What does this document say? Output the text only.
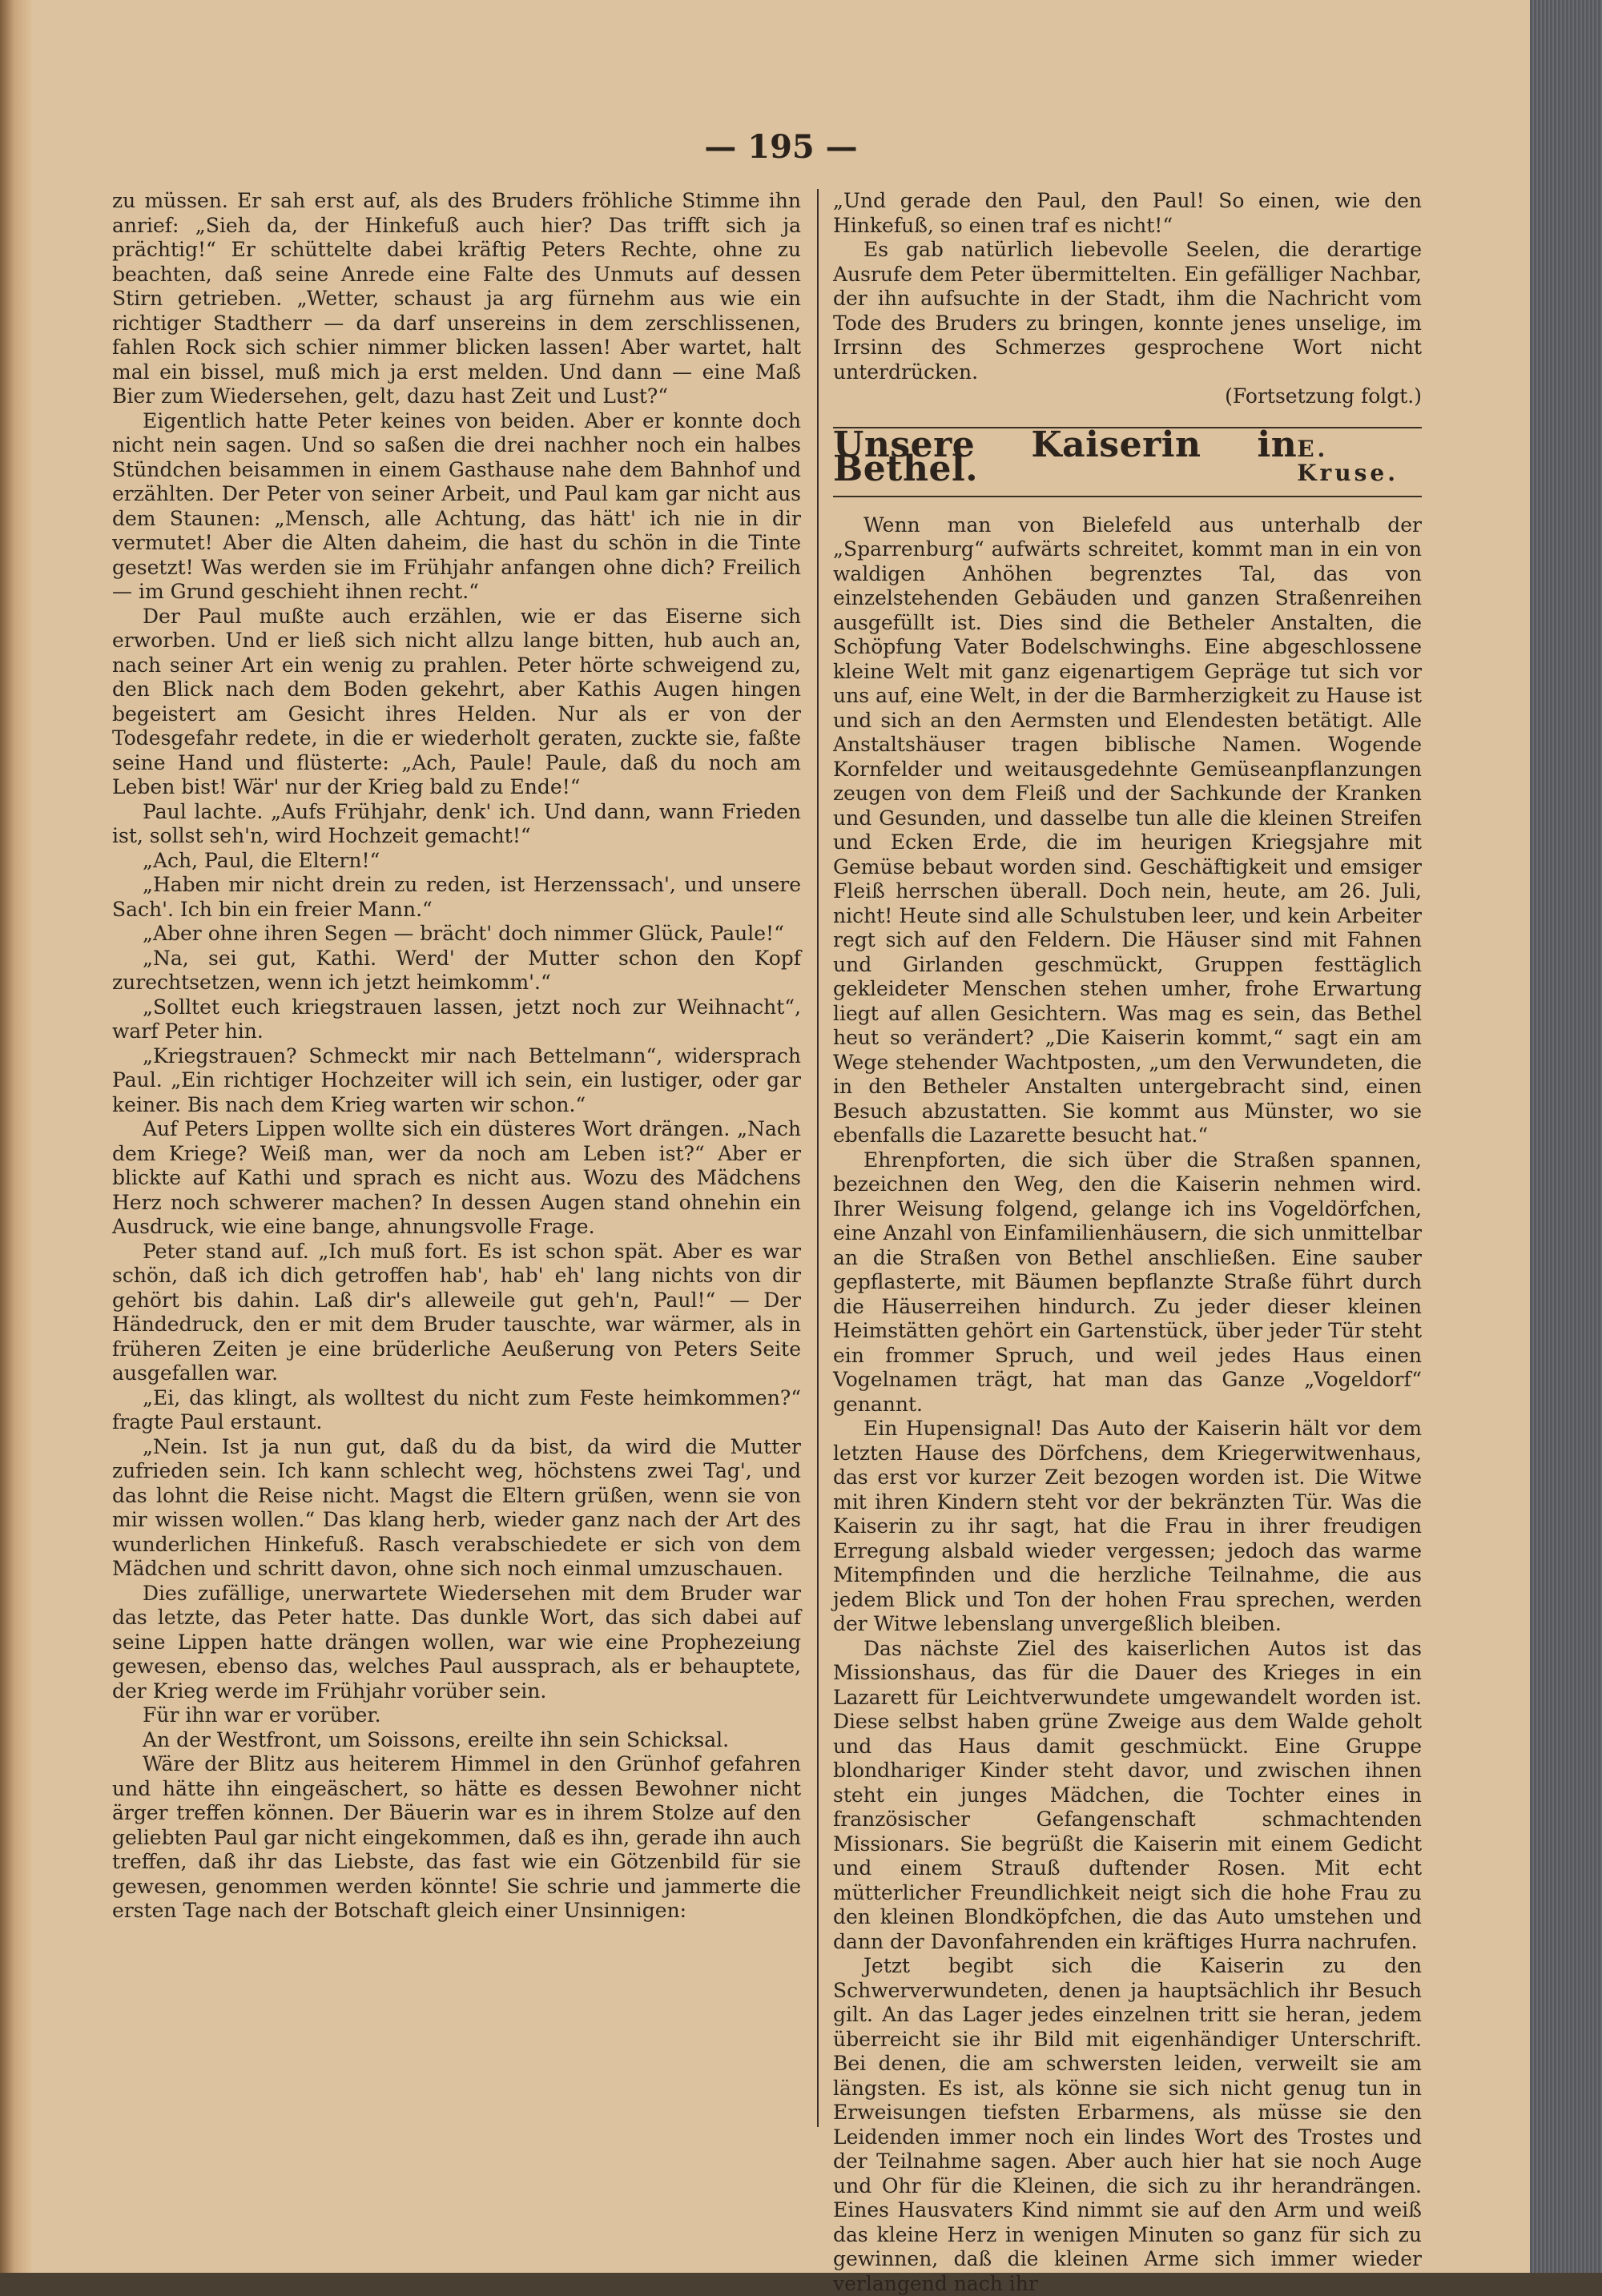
— 195 —

zu müssen. Er sah erst auf, als des Bruders fröhliche Stimme ihn anrief: „Sieh da, der Hinkefuß auch hier? Das trifft sich ja prächtig!“ Er schüttelte dabei kräftig Peters Rechte, ohne zu beachten, daß seine Anrede eine Falte des Unmuts auf dessen Stirn getrieben. „Wetter, schaust ja arg fürnehm aus wie ein richtiger Stadtherr — da darf unsereins in dem zerschlissenen, fahlen Rock sich schier nimmer blicken lassen! Aber wartet, halt mal ein bissel, muß mich ja erst melden. Und dann — eine Maß Bier zum Wiedersehen, gelt, dazu hast Zeit und Lust?“

Eigentlich hatte Peter keines von beiden. Aber er konnte doch nicht nein sagen. Und so saßen die drei nachher noch ein halbes Stündchen beisammen in einem Gasthause nahe dem Bahnhof und erzählten. Der Peter von seiner Arbeit, und Paul kam gar nicht aus dem Staunen: „Mensch, alle Achtung, das hätt' ich nie in dir vermutet! Aber die Alten daheim, die hast du schön in die Tinte gesetzt! Was werden sie im Frühjahr anfangen ohne dich? Freilich — im Grund geschieht ihnen recht.“

Der Paul mußte auch erzählen, wie er das Eiserne sich erworben. Und er ließ sich nicht allzu lange bitten, hub auch an, nach seiner Art ein wenig zu prahlen. Peter hörte schweigend zu, den Blick nach dem Boden gekehrt, aber Kathis Augen hingen begeistert am Gesicht ihres Helden. Nur als er von der Todesgefahr redete, in die er wiederholt geraten, zuckte sie, faßte seine Hand und flüsterte: „Ach, Paule! Paule, daß du noch am Leben bist! Wär' nur der Krieg bald zu Ende!“

Paul lachte. „Aufs Frühjahr, denk' ich. Und dann, wann Frieden ist, sollst seh'n, wird Hochzeit gemacht!“

„Ach, Paul, die Eltern!“

„Haben mir nicht drein zu reden, ist Herzenssach', und unsere Sach'. Ich bin ein freier Mann.“

„Aber ohne ihren Segen — brächt' doch nimmer Glück, Paule!“

„Na, sei gut, Kathi. Werd' der Mutter schon den Kopf zurechtsetzen, wenn ich jetzt heimkomm'.“

„Solltet euch kriegstrauen lassen, jetzt noch zur Weihnacht“, warf Peter hin.

„Kriegstrauen? Schmeckt mir nach Bettelmann“, widersprach Paul. „Ein richtiger Hochzeiter will ich sein, ein lustiger, oder gar keiner. Bis nach dem Krieg warten wir schon.“

Auf Peters Lippen wollte sich ein düsteres Wort drängen. „Nach dem Kriege? Weiß man, wer da noch am Leben ist?“ Aber er blickte auf Kathi und sprach es nicht aus. Wozu des Mädchens Herz noch schwerer machen? In dessen Augen stand ohnehin ein Ausdruck, wie eine bange, ahnungsvolle Frage.

Peter stand auf. „Ich muß fort. Es ist schon spät. Aber es war schön, daß ich dich getroffen hab', hab' eh' lang nichts von dir gehört bis dahin. Laß dir's alleweile gut geh'n, Paul!“ — Der Händedruck, den er mit dem Bruder tauschte, war wärmer, als in früheren Zeiten je eine brüderliche Aeußerung von Peters Seite ausgefallen war.

„Ei, das klingt, als wolltest du nicht zum Feste heimkommen?“ fragte Paul erstaunt.

„Nein. Ist ja nun gut, daß du da bist, da wird die Mutter zufrieden sein. Ich kann schlecht weg, höchstens zwei Tag', und das lohnt die Reise nicht. Magst die Eltern grüßen, wenn sie von mir wissen wollen.“ Das klang herb, wieder ganz nach der Art des wunderlichen Hinkefuß. Rasch verabschiedete er sich von dem Mädchen und schritt davon, ohne sich noch einmal umzuschauen.

Dies zufällige, unerwartete Wiedersehen mit dem Bruder war das letzte, das Peter hatte. Das dunkle Wort, das sich dabei auf seine Lippen hatte drängen wollen, war wie eine Prophezeiung gewesen, ebenso das, welches Paul aussprach, als er behauptete, der Krieg werde im Frühjahr vorüber sein.

Für ihn war er vorüber.

An der Westfront, um Soissons, ereilte ihn sein Schicksal.

Wäre der Blitz aus heiterem Himmel in den Grünhof gefahren und hätte ihn eingeäschert, so hätte es dessen Bewohner nicht ärger treffen können. Der Bäuerin war es in ihrem Stolze auf den geliebten Paul gar nicht eingekommen, daß es ihn, gerade ihn auch treffen, daß ihr das Liebste, das fast wie ein Götzenbild für sie gewesen, genommen werden könnte! Sie schrie und jammerte die ersten Tage nach der Botschaft gleich einer Unsinnigen:

„Und gerade den Paul, den Paul! So einen, wie den Hinkefuß, so einen traf es nicht!“

Es gab natürlich liebevolle Seelen, die derartige Ausrufe dem Peter übermittelten. Ein gefälliger Nachbar, der ihn aufsuchte in der Stadt, ihm die Nachricht vom Tode des Bruders zu bringen, konnte jenes unselige, im Irrsinn des Schmerzes gesprochene Wort nicht unterdrücken.

(Fortsetzung folgt.)
Unsere Kaiserin in Bethel.	E. Kruse.

Wenn man von Bielefeld aus unterhalb der „Sparrenburg“ aufwärts schreitet, kommt man in ein von waldigen Anhöhen begrenztes Tal, das von einzelstehenden Gebäuden und ganzen Straßenreihen ausgefüllt ist. Dies sind die Betheler Anstalten, die Schöpfung Vater Bodelschwinghs. Eine abgeschlossene kleine Welt mit ganz eigenartigem Gepräge tut sich vor uns auf, eine Welt, in der die Barmherzigkeit zu Hause ist und sich an den Aermsten und Elendesten betätigt. Alle Anstaltshäuser tragen biblische Namen. Wogende Kornfelder und weitausgedehnte Gemüseanpflanzungen zeugen von dem Fleiß und der Sachkunde der Kranken und Gesunden, und dasselbe tun alle die kleinen Streifen und Ecken Erde, die im heurigen Kriegsjahre mit Gemüse bebaut worden sind. Geschäftigkeit und emsiger Fleiß herrschen überall. Doch nein, heute, am 26. Juli, nicht! Heute sind alle Schulstuben leer, und kein Arbeiter regt sich auf den Feldern. Die Häuser sind mit Fahnen und Girlanden geschmückt, Gruppen festtäglich gekleideter Menschen stehen umher, frohe Erwartung liegt auf allen Gesichtern. Was mag es sein, das Bethel heut so verändert? „Die Kaiserin kommt,“ sagt ein am Wege stehender Wachtposten, „um den Verwundeten, die in den Betheler Anstalten untergebracht sind, einen Besuch abzustatten. Sie kommt aus Münster, wo sie ebenfalls die Lazarette besucht hat.“

Ehrenpforten, die sich über die Straßen spannen, bezeichnen den Weg, den die Kaiserin nehmen wird. Ihrer Weisung folgend, gelange ich ins Vogeldörfchen, eine Anzahl von Einfamilienhäusern, die sich unmittelbar an die Straßen von Bethel anschließen. Eine sauber gepflasterte, mit Bäumen bepflanzte Straße führt durch die Häuserreihen hindurch. Zu jeder dieser kleinen Heimstätten gehört ein Gartenstück, über jeder Tür steht ein frommer Spruch, und weil jedes Haus einen Vogelnamen trägt, hat man das Ganze „Vogeldorf“ genannt.

Ein Hupensignal! Das Auto der Kaiserin hält vor dem letzten Hause des Dörfchens, dem Kriegerwitwenhaus, das erst vor kurzer Zeit bezogen worden ist. Die Witwe mit ihren Kindern steht vor der bekränzten Tür. Was die Kaiserin zu ihr sagt, hat die Frau in ihrer freudigen Erregung alsbald wieder vergessen; jedoch das warme Mitempfinden und die herzliche Teilnahme, die aus jedem Blick und Ton der hohen Frau sprechen, werden der Witwe lebenslang unvergeßlich bleiben.

Das nächste Ziel des kaiserlichen Autos ist das Missionshaus, das für die Dauer des Krieges in ein Lazarett für Leichtverwundete umgewandelt worden ist. Diese selbst haben grüne Zweige aus dem Walde geholt und das Haus damit geschmückt. Eine Gruppe blondhariger Kinder steht davor, und zwischen ihnen steht ein junges Mädchen, die Tochter eines in französischer Gefangenschaft schmachtenden Missionars. Sie begrüßt die Kaiserin mit einem Gedicht und einem Strauß duftender Rosen. Mit echt mütterlicher Freundlichkeit neigt sich die hohe Frau zu den kleinen Blondköpfchen, die das Auto umstehen und dann der Davonfahrenden ein kräftiges Hurra nachrufen.

Jetzt begibt sich die Kaiserin zu den Schwerverwundeten, denen ja hauptsächlich ihr Besuch gilt. An das Lager jedes einzelnen tritt sie heran, jedem überreicht sie ihr Bild mit eigenhändiger Unterschrift. Bei denen, die am schwersten leiden, verweilt sie am längsten. Es ist, als könne sie sich nicht genug tun in Erweisungen tiefsten Erbarmens, als müsse sie den Leidenden immer noch ein lindes Wort des Trostes und der Teilnahme sagen. Aber auch hier hat sie noch Auge und Ohr für die Kleinen, die sich zu ihr herandrängen. Eines Hausvaters Kind nimmt sie auf den Arm und weiß das kleine Herz in wenigen Minuten so ganz für sich zu gewinnen, daß die kleinen Arme sich immer wieder verlangend nach ihr
